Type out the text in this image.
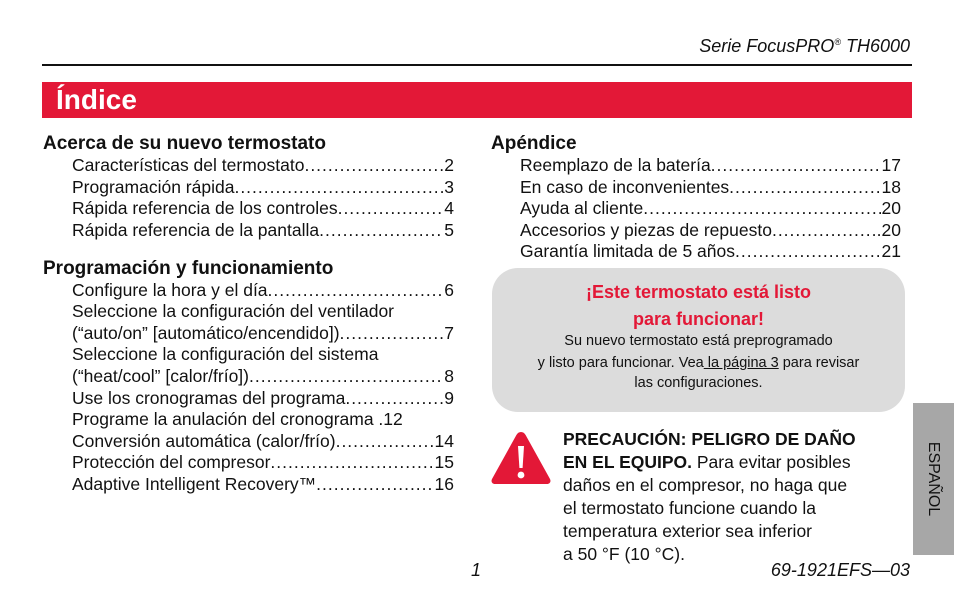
Serie FocusPRO® TH6000
Índice
Acerca de su nuevo termostato
Características del termostato .....	2
Programación rápida .....	3
Rápida referencia de los controles .....	4
Rápida referencia de la pantalla .....	5
Programación y funcionamiento
Configure la hora y el día .....	6
Seleccione la configuración del ventilador
(“auto/on” [automático/encendido]) .....	7
Seleccione la configuración del sistema
(“heat/cool” [calor/frío]) .....	8
Use los cronogramas del programa .....	9
Programe la anulación del cronograma .12
Conversión automática (calor/frío) .....	14
Protección del compresor .....	15
Adaptive Intelligent Recovery™ .....	16
Apéndice
Reemplazo de la batería .....	17
En caso de inconvenientes .....	18
Ayuda al cliente .....	20
Accesorios y piezas de repuesto .....	.20
Garantía limitada de 5 años .....	21
¡Este termostato está listo
para funcionar!
Su nuevo termostato está preprogramado
y listo para funcionar. Vea la página 3 para revisar
las configuraciones.
PRECAUCIÓN: PELIGRO DE DAÑO
EN EL EQUIPO. Para evitar posibles
daños en el compresor, no haga que
el termostato funcione cuando la
temperatura exterior sea inferior
a 50 °F (10 °C).
ESPAÑOL
1	69-1921EFS—03
